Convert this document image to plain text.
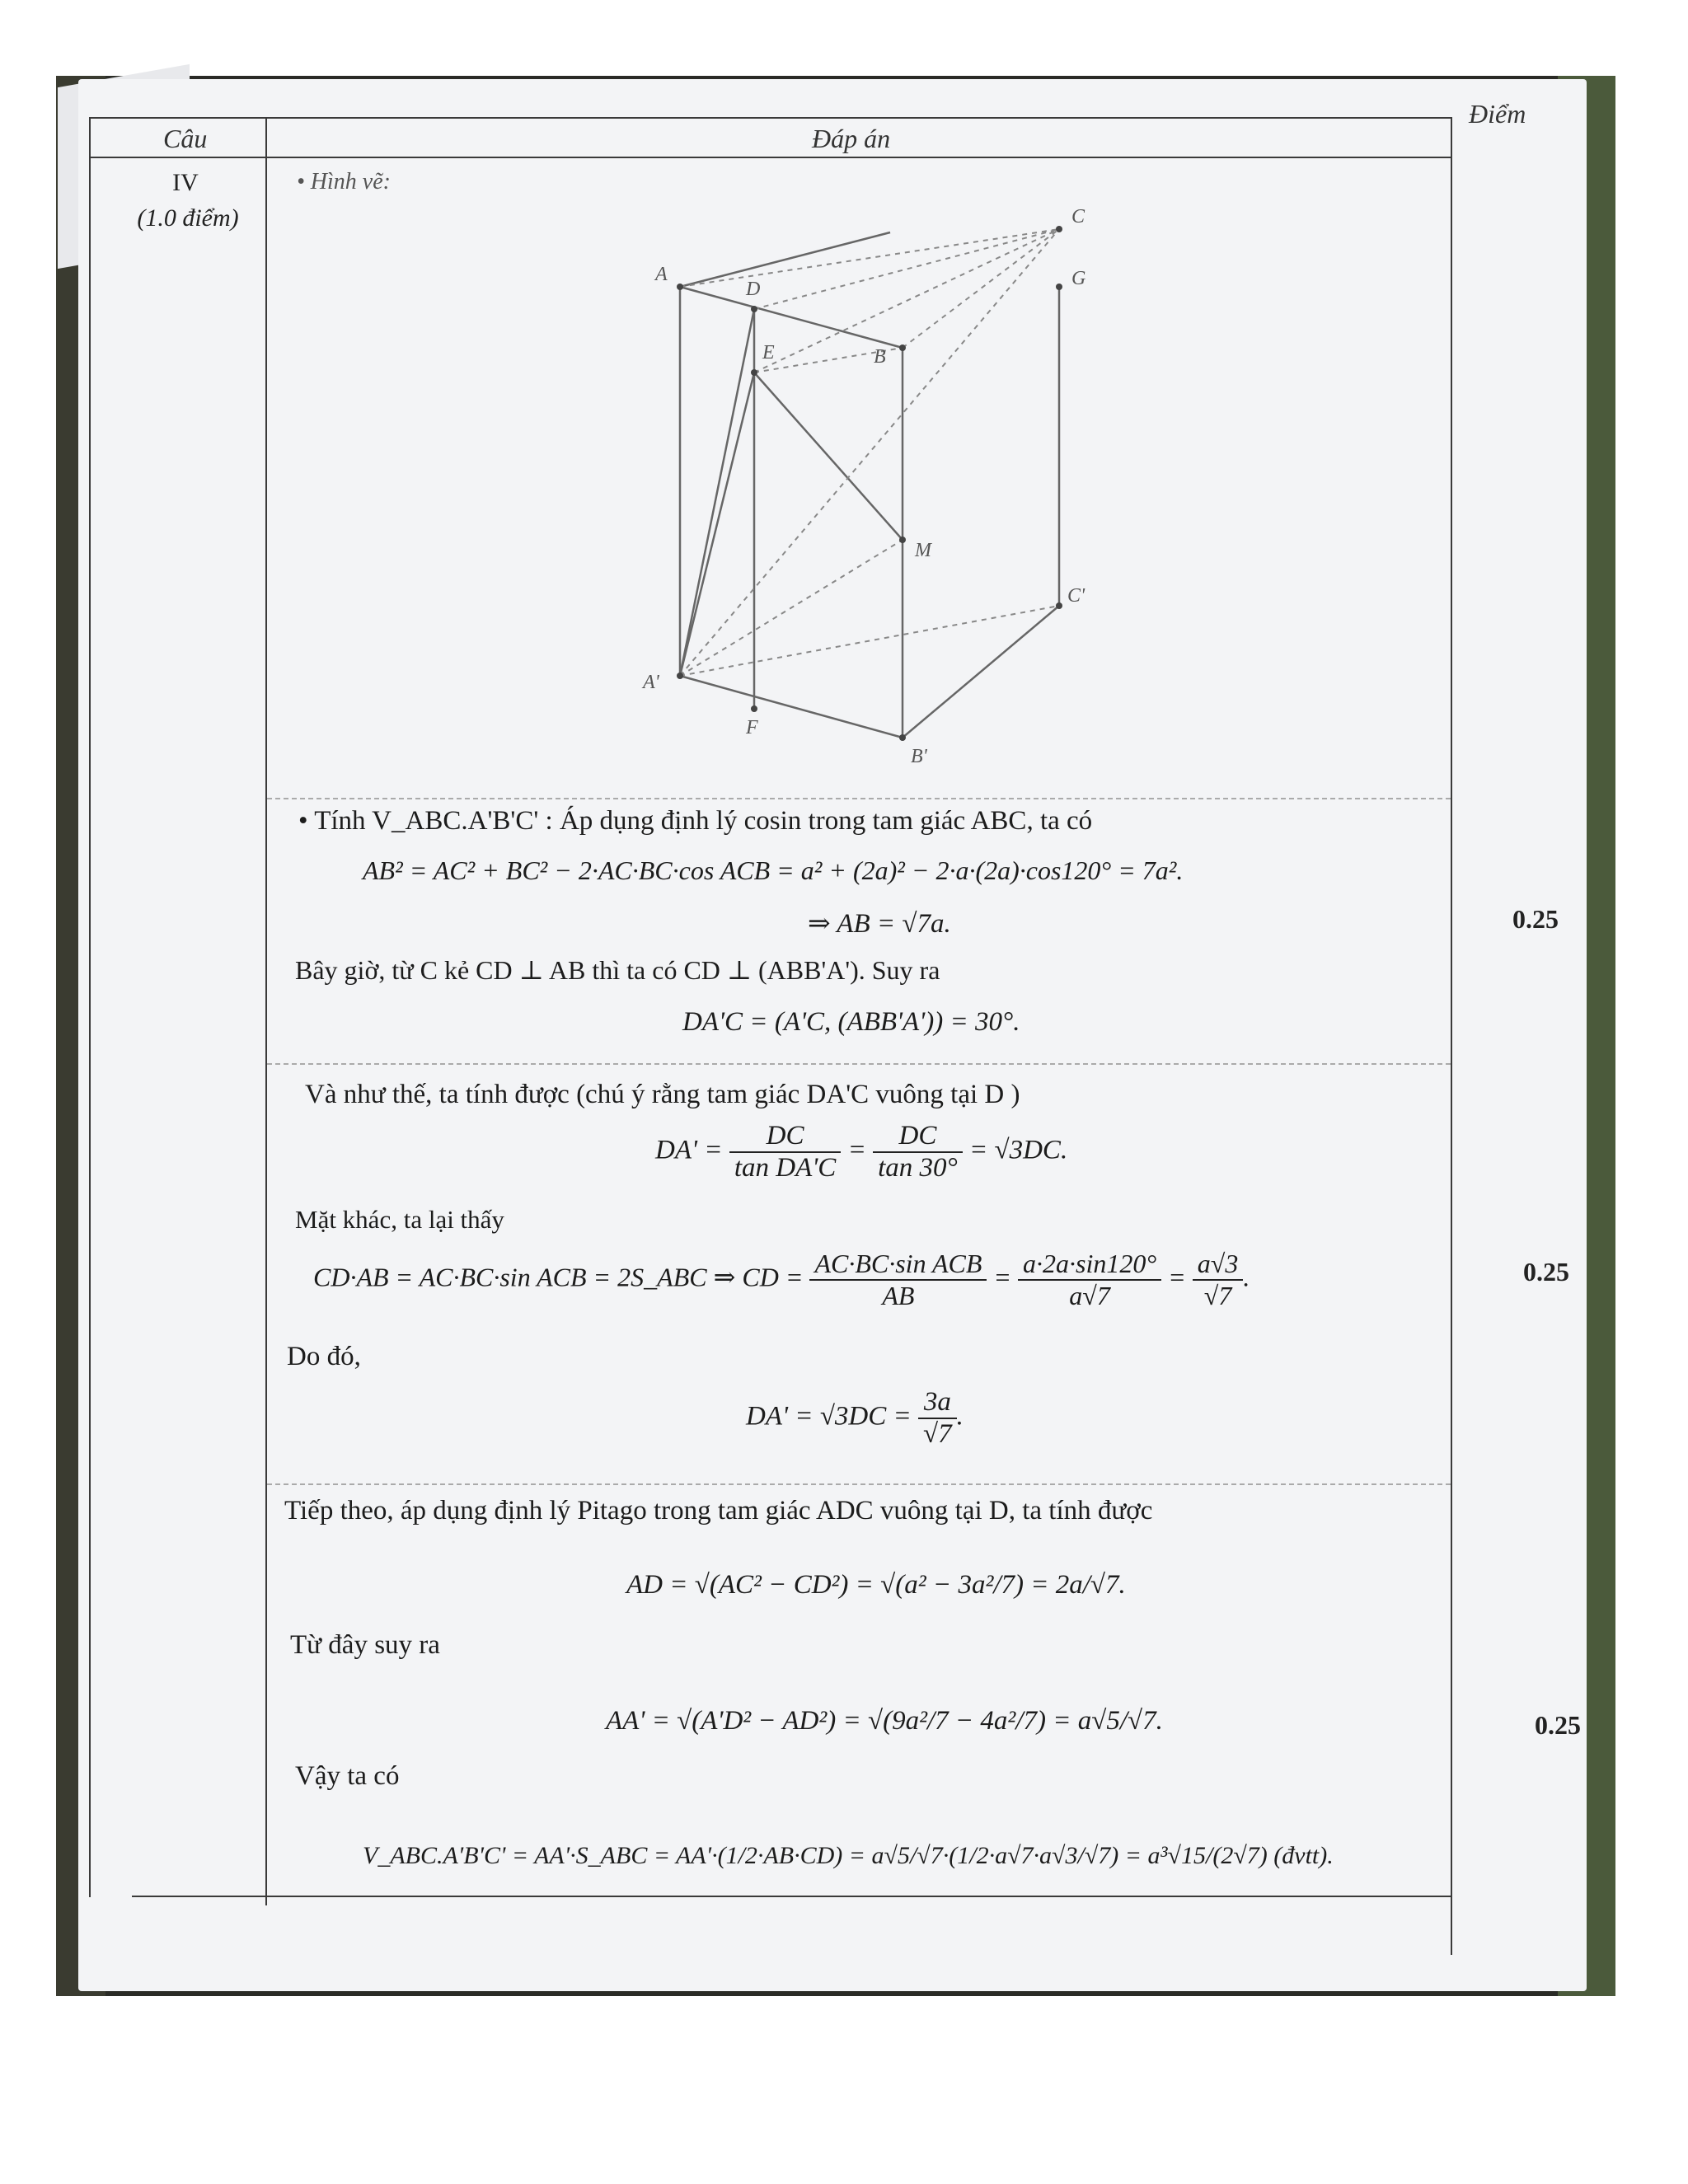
Câu	Đáp án
Điểm
IV
(1.0 điểm)
• Hình vẽ:
A
D
C
G
E	B
M
C'
A'
F
B'
• Tính V_ABC.A'B'C' : Áp dụng định lý cosin trong tam giác ABC, ta có
AB² = AC² + BC² − 2·AC·BC·cos ACB = a² + (2a)² − 2·a·(2a)·cos120° = 7a².
⇒ AB = √7a.
Bây giờ, từ C kẻ CD ⊥ AB thì ta có CD ⊥ (ABB'A'). Suy ra
DA'C = (A'C, (ABB'A')) = 30°.
0.25
Và như thế, ta tính được (chú ý rằng tam giác DA'C vuông tại D )
$DA' = \frac{DC}{\text{tan DA'C}} = \frac{DC}{\tan 30^\circ} = √3DC$.
Mặt khác, ta lại thấy
CD·AB = AC·BC·sin ACB = 2S_ABC ⇒ CD = $\frac{\text{AC·BC·sin ACB}}{AB} = \frac{a\cdot 2a\cdot\sin 120^\circ}{a√7} = \frac{a√3}{√7}$ .
Do đó,
$DA' = √3DC = \frac{3a}{√7}$ .
0.25
Tiếp theo, áp dụng định lý Pitago trong tam giác ADC vuông tại D, ta tính được
AD = √(AC² − CD²) = √(a² − 3a²/7) = 2a/√7.
Từ đây suy ra
AA' = √(A'D² − AD²) = √(9a²/7 − 4a²/7) = a√5/√7.
Vậy ta có
V_ABC.A'B'C' = AA'·S_ABC = AA'·(1/2·AB·CD) = a√5/√7·(1/2·a√7·a√3/√7) = a³√15/(2√7) (đvtt).
0.25
